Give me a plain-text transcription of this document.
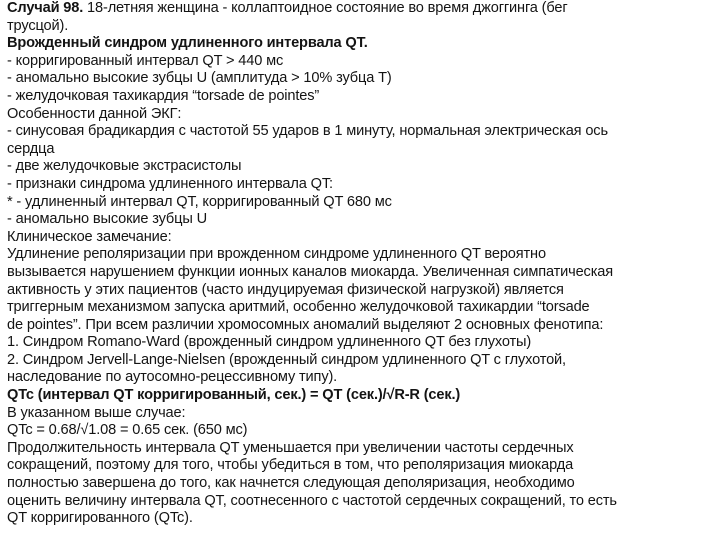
Случай 98. 18-летняя женщина - коллаптоидное состояние во время джоггинга (бег
трусцой).
Врожденный синдром удлиненного интервала QT.
- корригированный интервал QT > 440 мс
- аномально высокие зубцы U (амплитуда > 10% зубца T)
- желудочковая тахикардия “torsade de pointes”
Особенности данной ЭКГ:
- синусовая брадикардия с частотой 55 ударов в 1 минуту, нормальная электрическая ось
сердца
- две желудочковые экстрасистолы
- признаки синдрома удлиненного интервала QT:
* - удлиненный интервал QT, корригированный QT 680 мс
- аномально высокие зубцы U
Клиническое замечание:
Удлинение реполяризации при врожденном синдроме удлиненного QT вероятно
вызывается нарушением функции ионных каналов миокарда. Увеличенная симпатическая
активность у этих пациентов (часто индуцируемая физической нагрузкой) является
триггерным механизмом запуска аритмий, особенно желудочковой тахикардии “torsade
de pointes”. При всем различии хромосомных аномалий выделяют 2 основных фенотипа:
1. Синдром Romano-Ward (врожденный синдром удлиненного QT без глухоты)
2. Синдром Jervell-Lange-Nielsen (врожденный синдром удлиненного QT с глухотой,
наследование по аутосомно-рецессивному типу).
QTc (интервал QT корригированный, сек.) = QT (сек.)/√R-R (сек.)
В указанном выше случае:
QTc = 0.68/√1.08 = 0.65 сек. (650 мс)
Продолжительность интервала QT уменьшается при увеличении частоты сердечных
сокращений, поэтому для того, чтобы убедиться в том, что реполяризация миокарда
полностью завершена до того, как начнется следующая деполяризация, необходимо
оценить величину интервала QT, соотнесенного с частотой сердечных сокращений, то есть
QT корригированного (QTc).
